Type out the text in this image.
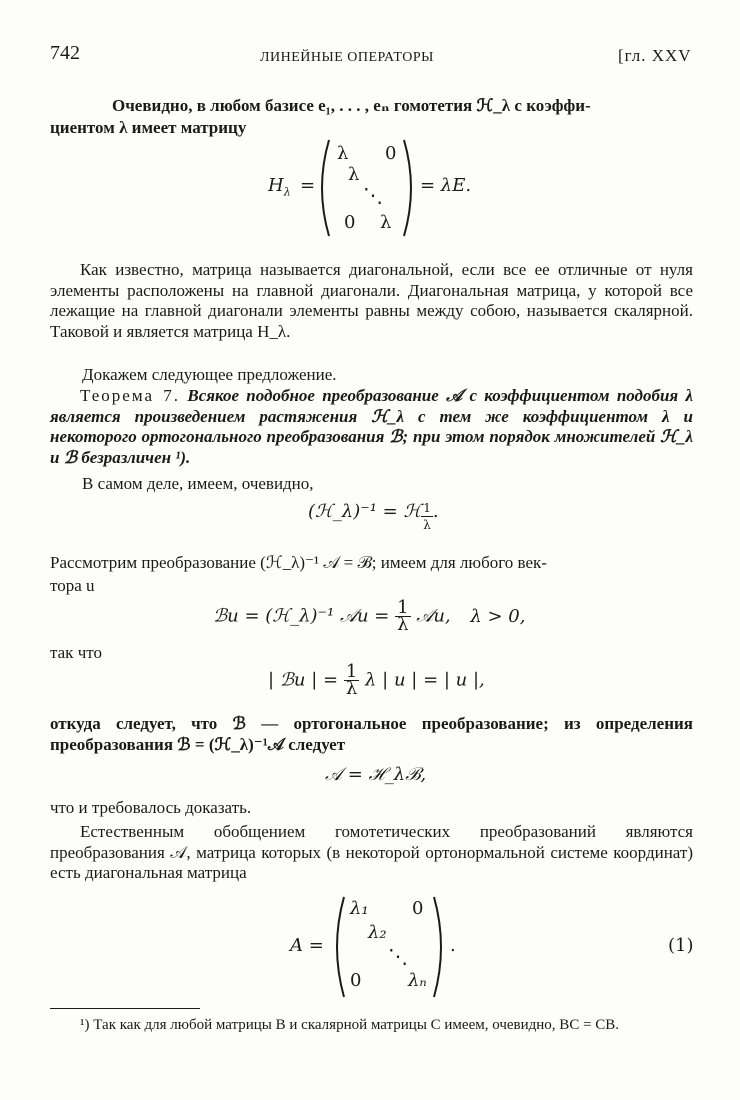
742	ЛИНЕЙНЫЕ ОПЕРАТОРЫ	[гл. XXV
Очевидно, в любом базисе e₁, . . . , eₙ гомотетия ℋ_λ с коэффи-
циентом λ имеет матрицу
$H_\lambda$ =
λ 0
λ
⋱
0 λ
= λE.
Как известно, матрица называется диагональной, если все ее отличные от нуля элементы расположены на главной диагонали. Диагональная матрица, у которой все лежащие на главной диагонали элементы равны между собою, называется скалярной. Таковой и является матрица H_λ.
Докажем следующее предложение.
Теорема 7. Всякое подобное преобразование 𝒜 с коэффициентом подобия λ является произведением растяжения ℋ_λ с тем же коэффициентом λ и некоторого ортогонального преобразования ℬ; при этом порядок множителей ℋ_λ и ℬ безразличен ¹).
В самом деле, имеем, очевидно,
(ℋ_λ)⁻¹ = ℋ $\frac{1}{\lambda}$ .
Рассмотрим преобразование (ℋ_λ)⁻¹ 𝒜 = ℬ; имеем для любого век-
тора u
ℬu = (ℋ_λ)⁻¹ 𝒜u = $\frac{1}{\lambda}$ 𝒜u, λ > 0,
так что
| ℬu | = $\frac{1}{\lambda}$ λ | u | = | u |,
откуда следует, что ℬ — ортогональное преобразование; из определения преобразования ℬ = (ℋ_λ)⁻¹𝒜 следует
𝒜 = ℋ_λℬ,
что и требовалось доказать.
Естественным обобщением гомотетических преобразований являются преобразования 𝒜, матрица которых (в некоторой ортонормальной системе координат) есть диагональная матрица
A =
λ₁ 0
λ₂
⋱
0	λₙ
.	(1)
¹) Так как для любой матрицы B и скалярной матрицы C имеем, очевидно, BC = CB.
